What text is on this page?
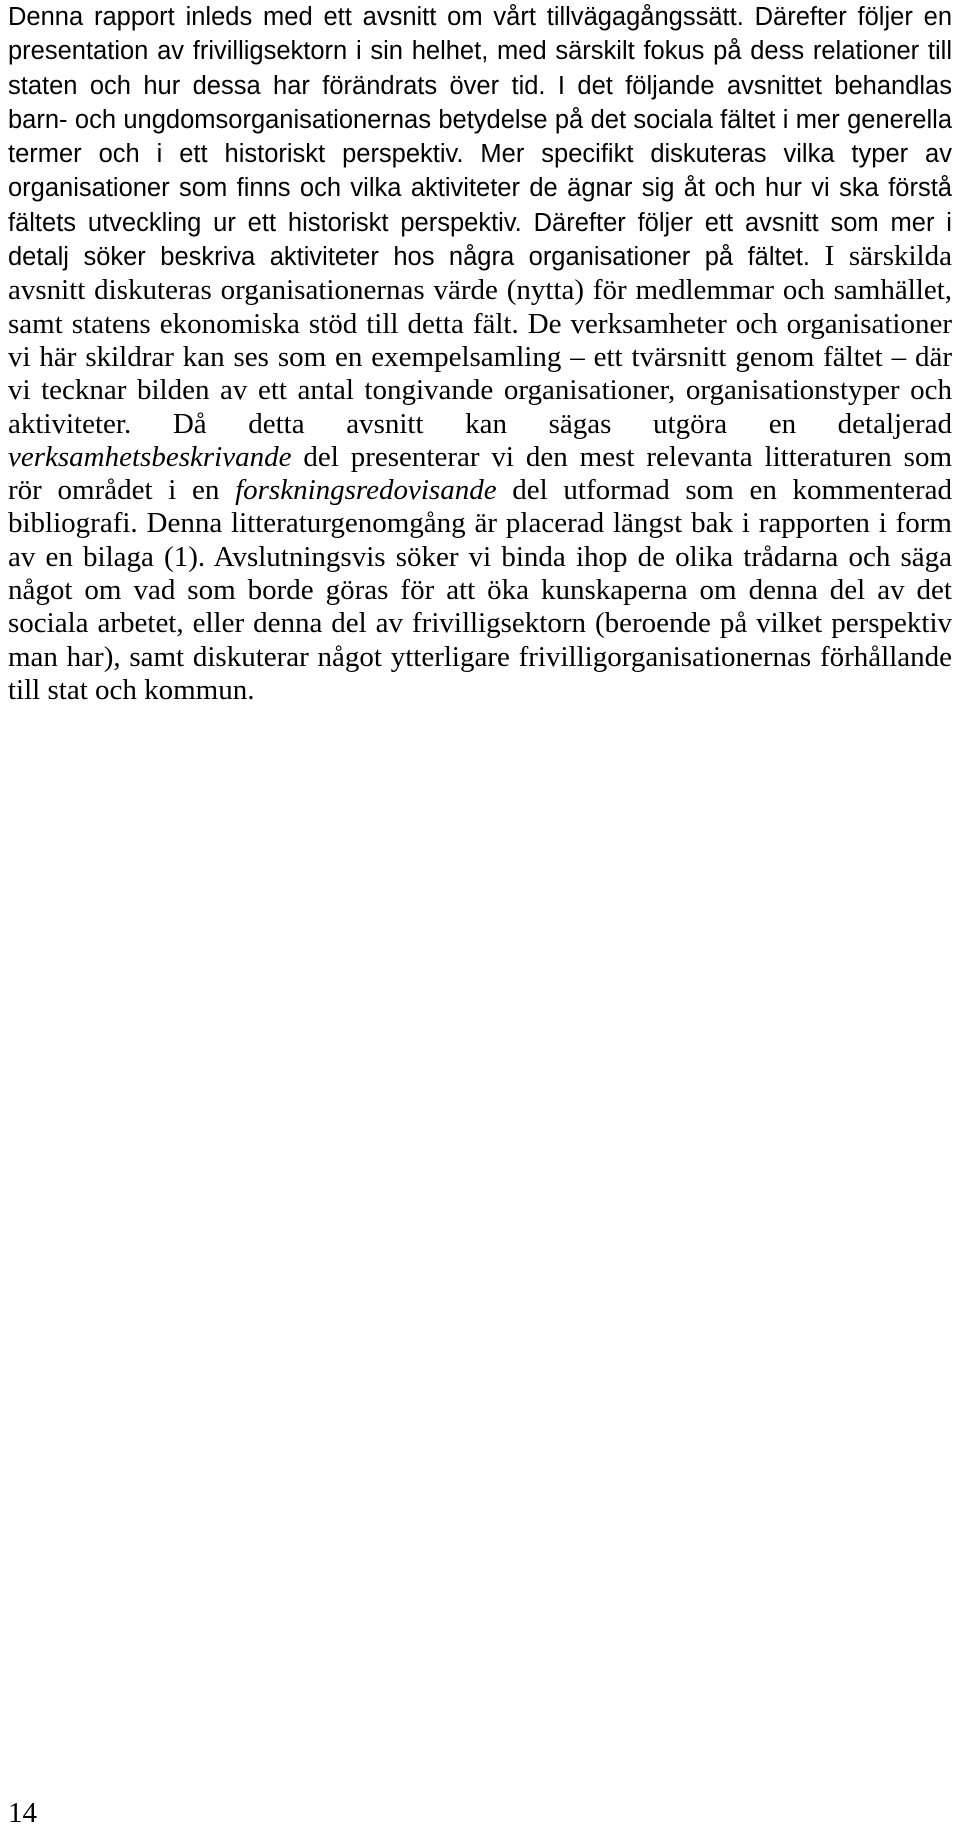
Denna rapport inleds med ett avsnitt om vårt tillvägagångssätt. Därefter följer en presentation av frivilligsektorn i sin helhet, med särskilt fokus på dess relationer till staten och hur dessa har förändrats över tid. I det följande avsnittet behandlas barn- och ungdomsorganisationernas betydelse på det sociala fältet i mer generella termer och i ett historiskt perspektiv. Mer specifikt diskuteras vilka typer av organisationer som finns och vilka aktiviteter de ägnar sig åt och hur vi ska förstå fältets utveckling ur ett historiskt perspektiv. Därefter följer ett avsnitt som mer i detalj söker beskriva aktiviteter hos några organisationer på fältet. I särskilda avsnitt diskuteras organisationernas värde (nytta) för medlemmar och samhället, samt statens ekonomiska stöd till detta fält. De verksamheter och organisationer vi här skildrar kan ses som en exempelsamling – ett tvärsnitt genom fältet – där vi tecknar bilden av ett antal tongivande organisationer, organisationstyper och aktiviteter. Då detta avsnitt kan sägas utgöra en detaljerad verksamhetsbeskrivande del presenterar vi den mest relevanta litteraturen som rör området i en forskningsredovisande del utformad som en kommenterad bibliografi. Denna litteraturgenomgång är placerad längst bak i rapporten i form av en bilaga (1). Avslutningsvis söker vi binda ihop de olika trådarna och säga något om vad som borde göras för att öka kunskaperna om denna del av det sociala arbetet, eller denna del av frivilligsektorn (beroende på vilket perspektiv man har), samt diskuterar något ytterligare frivilligorganisationernas förhållande till stat och kommun.

14
